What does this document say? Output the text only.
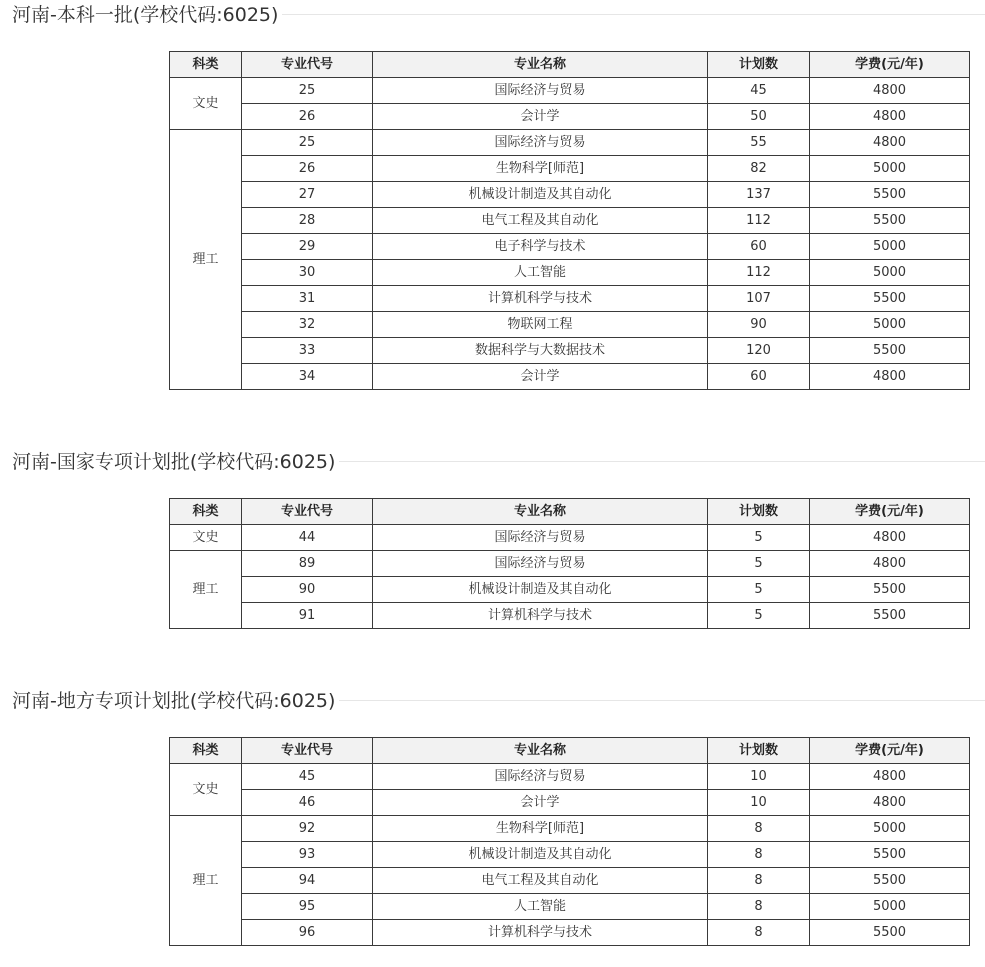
河南-本科一批(学校代码:6025)
科类	专业代号	专业名称	计划数	学费(元/年)
文史	25	国际经济与贸易	45	4800
	26	会计学	50	4800
理工	25	国际经济与贸易	55	4800
	26	生物科学[师范]	82	5000
	27	机械设计制造及其自动化	137	5500
	28	电气工程及其自动化	112	5500
	29	电子科学与技术	60	5000
	30	人工智能	112	5000
	31	计算机科学与技术	107	5500
	32	物联网工程	90	5000
	33	数据科学与大数据技术	120	5500
	34	会计学	60	4800
河南-国家专项计划批(学校代码:6025)
科类	专业代号	专业名称	计划数	学费(元/年)
文史	44	国际经济与贸易	5	4800
理工	89	国际经济与贸易	5	4800
	90	机械设计制造及其自动化	5	5500
	91	计算机科学与技术	5	5500
河南-地方专项计划批(学校代码:6025)
科类	专业代号	专业名称	计划数	学费(元/年)
文史	45	国际经济与贸易	10	4800
	46	会计学	10	4800
理工	92	生物科学[师范]	8	5000
	93	机械设计制造及其自动化	8	5500
	94	电气工程及其自动化	8	5500
	95	人工智能	8	5000
	96	计算机科学与技术	8	5500
